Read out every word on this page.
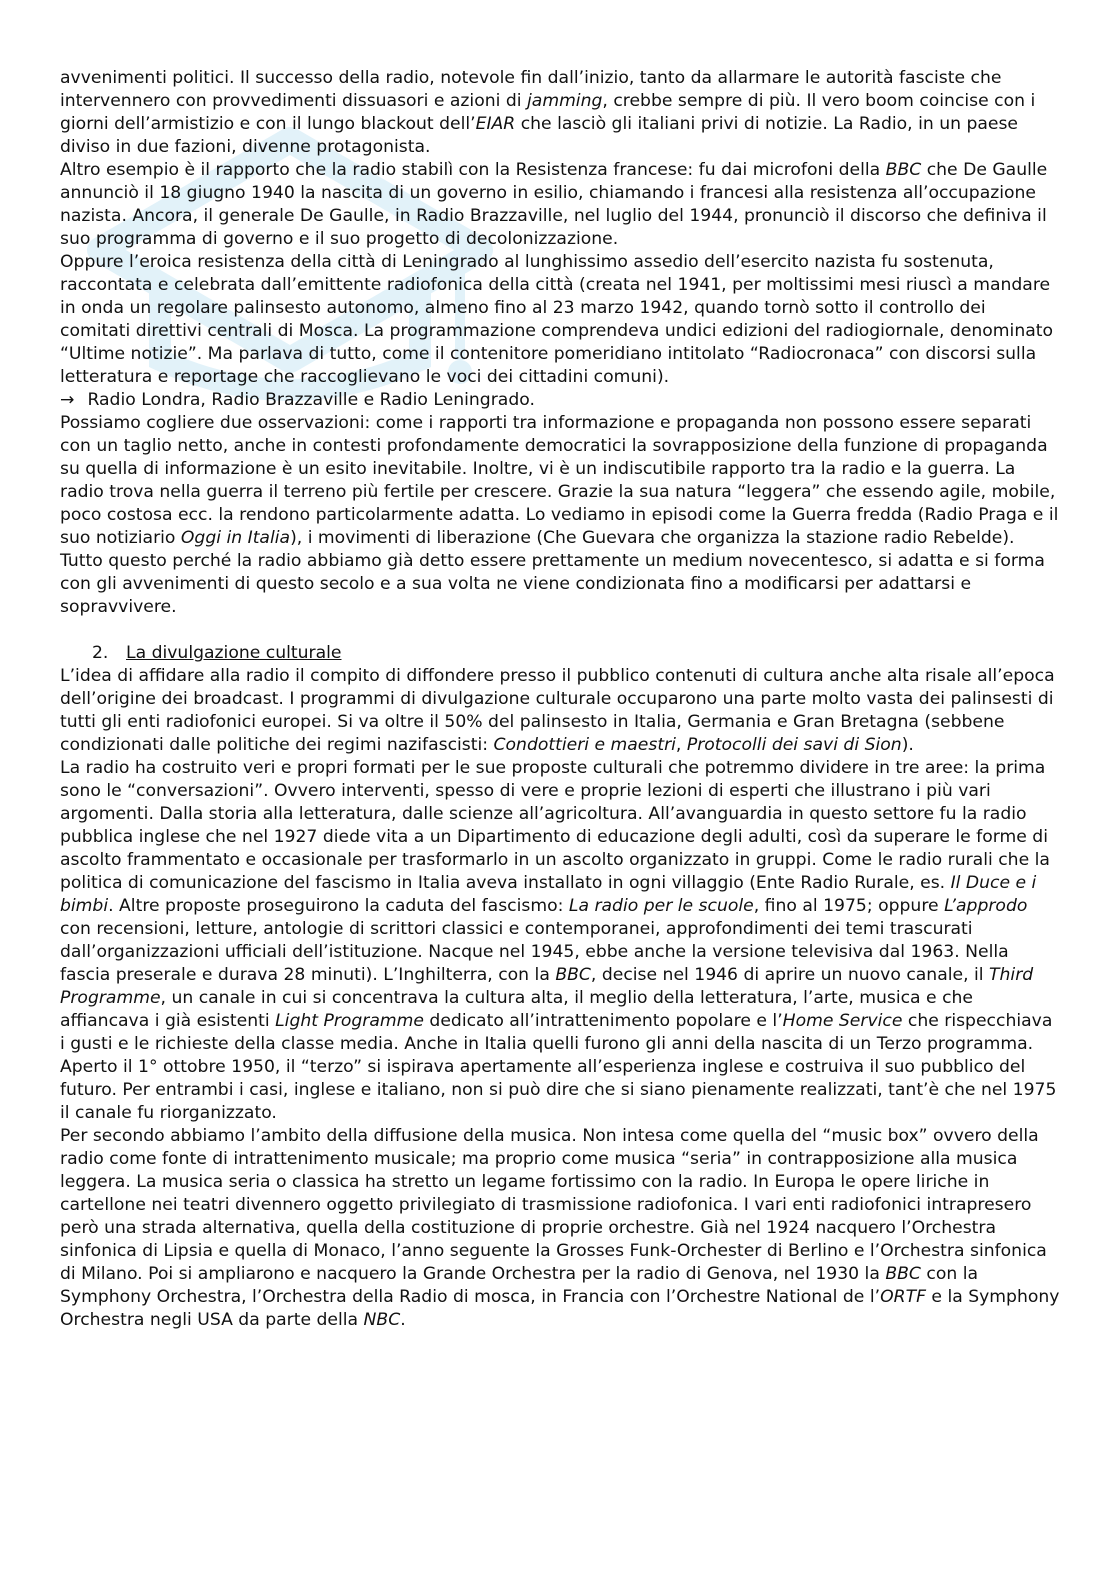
avvenimenti politici. Il successo della radio, notevole fin dall’inizio, tanto da allarmare le autorità fasciste che intervennero con provvedimenti dissuasori e azioni di jamming, crebbe sempre di più. Il vero boom coincise con i giorni dell’armistizio e con il lungo blackout dell’EIAR che lasciò gli italiani privi di notizie. La Radio, in un paese diviso in due fazioni, divenne protagonista.

Altro esempio è il rapporto che la radio stabilì con la Resistenza francese: fu dai microfoni della BBC che De Gaulle annunciò il 18 giugno 1940 la nascita di un governo in esilio, chiamando i francesi alla resistenza all’occupazione nazista. Ancora, il generale De Gaulle, in Radio Brazzaville, nel luglio del 1944, pronunciò il discorso che definiva il suo programma di governo e il suo progetto di decolonizzazione.

Oppure l’eroica resistenza della città di Leningrado al lunghissimo assedio dell’esercito nazista fu sostenuta, raccontata e celebrata dall’emittente radiofonica della città (creata nel 1941, per moltissimi mesi riuscì a mandare in onda un regolare palinsesto autonomo, almeno fino al 23 marzo 1942, quando tornò sotto il controllo dei comitati direttivi centrali di Mosca. La programmazione comprendeva undici edizioni del radiogiornale, denominato “Ultime notizie”. Ma parlava di tutto, come il contenitore pomeridiano intitolato “Radiocronaca” con discorsi sulla letteratura e reportage che raccoglievano le voci dei cittadini comuni).

→ Radio Londra, Radio Brazzaville e Radio Leningrado.

Possiamo cogliere due osservazioni: come i rapporti tra informazione e propaganda non possono essere separati con un taglio netto, anche in contesti profondamente democratici la sovrapposizione della funzione di propaganda su quella di informazione è un esito inevitabile. Inoltre, vi è un indiscutibile rapporto tra la radio e la guerra. La radio trova nella guerra il terreno più fertile per crescere. Grazie la sua natura “leggera” che essendo agile, mobile, poco costosa ecc. la rendono particolarmente adatta. Lo vediamo in episodi come la Guerra fredda (Radio Praga e il suo notiziario Oggi in Italia), i movimenti di liberazione (Che Guevara che organizza la stazione radio Rebelde). Tutto questo perché la radio abbiamo già detto essere prettamente un medium novecentesco, si adatta e si forma con gli avvenimenti di questo secolo e a sua volta ne viene condizionata fino a modificarsi per adattarsi e sopravvivere.

2. La divulgazione culturale

L’idea di affidare alla radio il compito di diffondere presso il pubblico contenuti di cultura anche alta risale all’epoca dell’origine dei broadcast. I programmi di divulgazione culturale occuparono una parte molto vasta dei palinsesti di tutti gli enti radiofonici europei. Si va oltre il 50% del palinsesto in Italia, Germania e Gran Bretagna (sebbene condizionati dalle politiche dei regimi nazifascisti: Condottieri e maestri, Protocolli dei savi di Sion).

La radio ha costruito veri e propri formati per le sue proposte culturali che potremmo dividere in tre aree: la prima sono le “conversazioni”. Ovvero interventi, spesso di vere e proprie lezioni di esperti che illustrano i più vari argomenti. Dalla storia alla letteratura, dalle scienze all’agricoltura. All’avanguardia in questo settore fu la radio pubblica inglese che nel 1927 diede vita a un Dipartimento di educazione degli adulti, così da superare le forme di ascolto frammentato e occasionale per trasformarlo in un ascolto organizzato in gruppi. Come le radio rurali che la politica di comunicazione del fascismo in Italia aveva installato in ogni villaggio (Ente Radio Rurale, es. Il Duce e i bimbi. Altre proposte proseguirono la caduta del fascismo: La radio per le scuole, fino al 1975; oppure L’approdo con recensioni, letture, antologie di scrittori classici e contemporanei, approfondimenti dei temi trascurati dall’organizzazioni ufficiali dell’istituzione. Nacque nel 1945, ebbe anche la versione televisiva dal 1963. Nella fascia preserale e durava 28 minuti). L’Inghilterra, con la BBC, decise nel 1946 di aprire un nuovo canale, il Third Programme, un canale in cui si concentrava la cultura alta, il meglio della letteratura, l’arte, musica e che affiancava i già esistenti Light Programme dedicato all’intrattenimento popolare e l’Home Service che rispecchiava i gusti e le richieste della classe media. Anche in Italia quelli furono gli anni della nascita di un Terzo programma. Aperto il 1° ottobre 1950, il “terzo” si ispirava apertamente all’esperienza inglese e costruiva il suo pubblico del futuro. Per entrambi i casi, inglese e italiano, non si può dire che si siano pienamente realizzati, tant’è che nel 1975 il canale fu riorganizzato.

Per secondo abbiamo l’ambito della diffusione della musica. Non intesa come quella del “music box” ovvero della radio come fonte di intrattenimento musicale; ma proprio come musica “seria” in contrapposizione alla musica leggera. La musica seria o classica ha stretto un legame fortissimo con la radio. In Europa le opere liriche in cartellone nei teatri divennero oggetto privilegiato di trasmissione radiofonica. I vari enti radiofonici intrapresero però una strada alternativa, quella della costituzione di proprie orchestre. Già nel 1924 nacquero l’Orchestra sinfonica di Lipsia e quella di Monaco, l’anno seguente la Grosses Funk-Orchester di Berlino e l’Orchestra sinfonica di Milano. Poi si ampliarono e nacquero la Grande Orchestra per la radio di Genova, nel 1930 la BBC con la Symphony Orchestra, l’Orchestra della Radio di mosca, in Francia con l’Orchestre National de l’ORTF e la Symphony Orchestra negli USA da parte della NBC.
